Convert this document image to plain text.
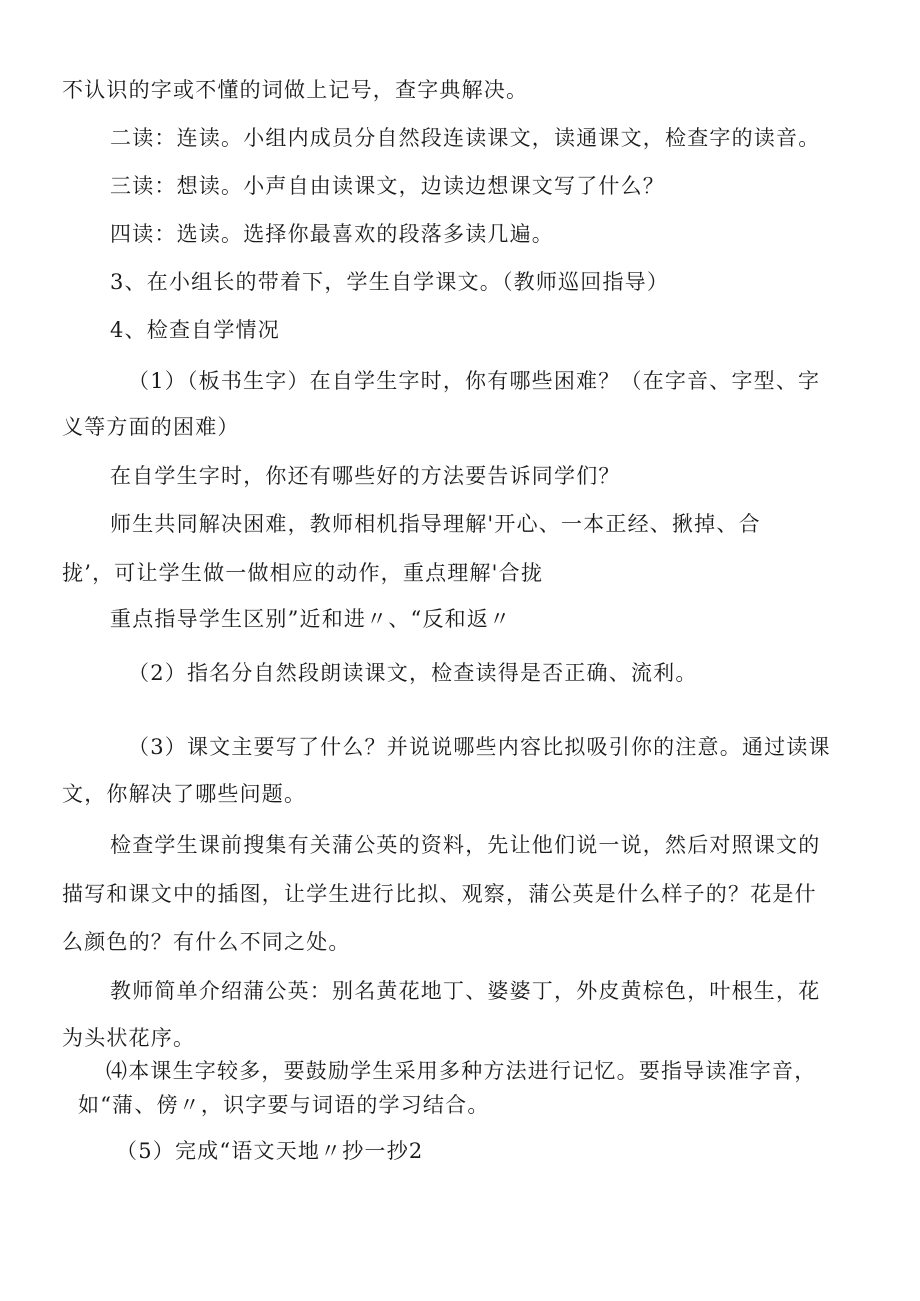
不认识的字或不懂的词做上记号，查字典解决。
二读：连读。小组内成员分自然段连读课文，读通课文，检查字的读音。
三读：想读。小声自由读课文，边读边想课文写了什么？
四读：选读。选择你最喜欢的段落多读几遍。
3、在小组长的带着下，学生自学课文。（教师巡回指导）
4、检查自学情况
（1）（板书生字）在自学生字时，你有哪些困难？（在字音、字型、字
义等方面的困难）
在自学生字时，你还有哪些好的方法要告诉同学们？
师生共同解决困难，教师相机指导理解'开心、一本正经、揪掉、合
拢’，可让学生做一做相应的动作，重点理解'合拢
重点指导学生区别”近和进〃、“反和返〃
（2）指名分自然段朗读课文，检查读得是否正确、流利。
（3）课文主要写了什么？并说说哪些内容比拟吸引你的注意。通过读课
文，你解决了哪些问题。
检查学生课前搜集有关蒲公英的资料，先让他们说一说，然后对照课文的
描写和课文中的插图，让学生进行比拟、观察，蒲公英是什么样子的？花是什
么颜色的？有什么不同之处。
教师简单介绍蒲公英：别名黄花地丁、婆婆丁，外皮黄棕色，叶根生，花
为头状花序。
⑷本课生字较多，要鼓励学生采用多种方法进行记忆。要指导读准字音，
如“蒲、傍〃，识字要与词语的学习结合。
（5）完成“语文天地〃抄一抄2
